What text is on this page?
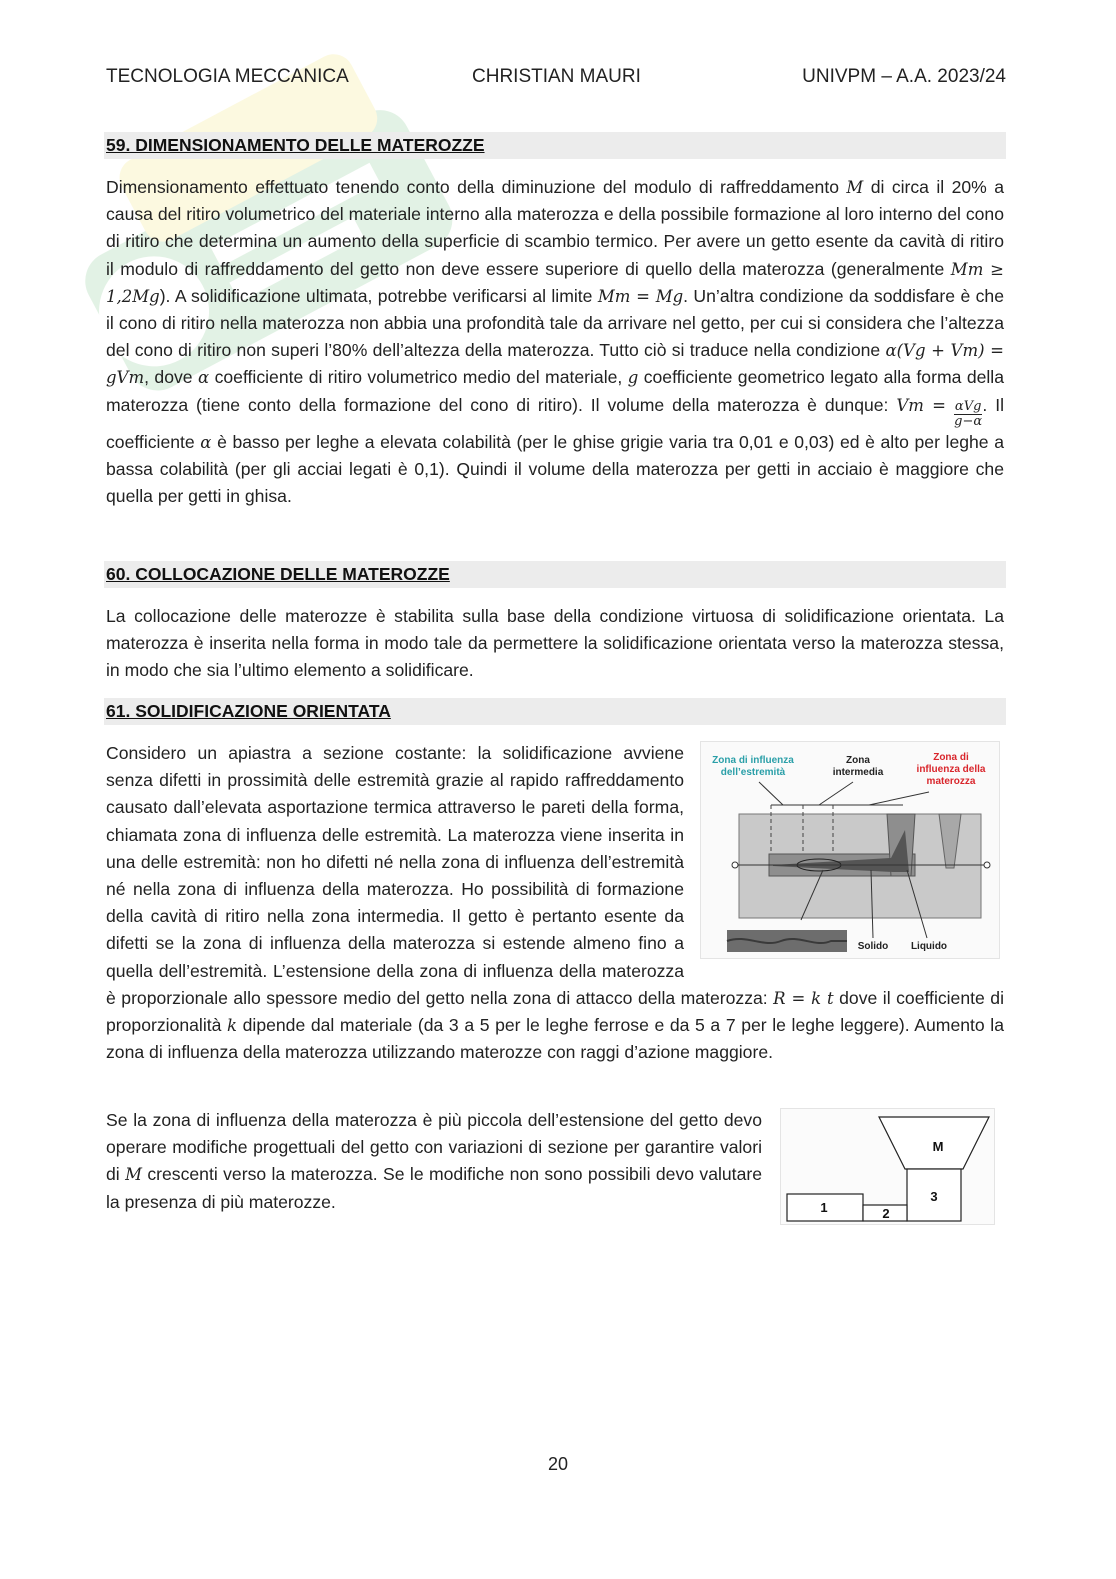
TECNOLOGIA MECCANICA	CHRISTIAN MAURI	UNIVPM – A.A. 2023/24
59. DIMENSIONAMENTO DELLE MATEROZZE

Dimensionamento effettuato tenendo conto della diminuzione del modulo di raffreddamento M di circa il 20% a causa del ritiro volumetrico del materiale interno alla materozza e della possibile formazione al loro interno del cono di ritiro che determina un aumento della superficie di scambio termico. Per avere un getto esente da cavità di ritiro il modulo di raffreddamento del getto non deve essere superiore di quello della materozza (generalmente Mm ≥ 1,2Mg). A solidificazione ultimata, potrebbe verificarsi al limite Mm = Mg. Un’altra condizione da soddisfare è che il cono di ritiro nella materozza non abbia una profondità tale da arrivare nel getto, per cui si considera che l’altezza del cono di ritiro non superi l’80% dell’altezza della materozza. Tutto ciò si traduce nella condizione α(Vg + Vm) = gVm, dove α coefficiente di ritiro volumetrico medio del materiale, g coefficiente geometrico legato alla forma della materozza (tiene conto della formazione del cono di ritiro). Il volume della materozza è dunque: $Vm = \frac{\text{αVg}}{g-\alpha}$ . Il coefficiente α è basso per leghe a elevata colabilità (per le ghise grigie varia tra 0,01 e 0,03) ed è alto per leghe a bassa colabilità (per gli acciai legati è 0,1). Quindi il volume della materozza per getti in acciaio è maggiore che quella per getti in ghisa.

60. COLLOCAZIONE DELLE MATEROZZE

La collocazione delle materozze è stabilita sulla base della condizione virtuosa di solidificazione orientata. La materozza è inserita nella forma in modo tale da permettere la solidificazione orientata verso la materozza stessa, in modo che sia l’ultimo elemento a solidificare.

61. SOLIDIFICAZIONE ORIENTATA
Zona di influenza
dell’estremità
Zona
intermedia
Zona di
influenza della
materozza
Solido Liquido

Considero un apiastra a sezione costante: la solidificazione avviene senza difetti in prossimità delle estremità grazie al rapido raffreddamento causato dall’elevata asportazione termica attraverso le pareti della forma, chiamata zona di influenza delle estremità. La materozza viene inserita in una delle estremità: non ho difetti né nella zona di influenza dell’estremità né nella zona di influenza della materozza. Ho possibilità di formazione della cavità di ritiro nella zona intermedia. Il getto è pertanto esente da difetti se la zona di influenza della materozza si estende almeno fino a quella dell’estremità. L’estensione della zona di influenza della materozza è proporzionale allo spessore medio del getto nella zona di attacco della materozza: R = k t dove il coefficiente di proporzionalità k dipende dal materiale (da 3 a 5 per le leghe ferrose e da 5 a 7 per le leghe leggere). Aumento la zona di influenza della materozza utilizzando materozze con raggi d’azione maggiore.

M
1	2
3

Se la zona di influenza della materozza è più piccola dell’estensione del getto devo operare modifiche progettuali del getto con variazioni di sezione per garantire valori di M crescenti verso la materozza. Se le modifiche non sono possibili devo valutare la presenza di più materozze.

20
